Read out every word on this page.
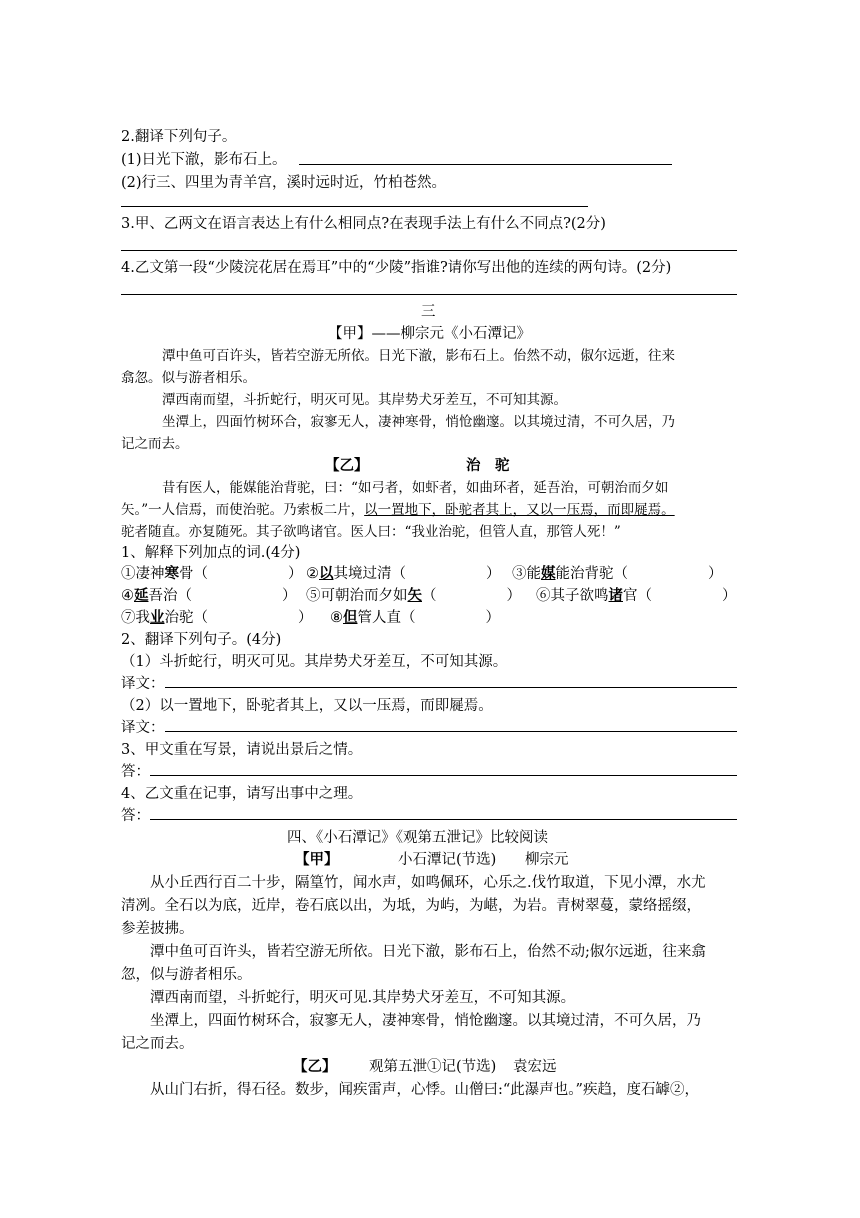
2.翻译下列句子。
(1)日光下澈，影布石上。
(2)行三、四里为青羊宫，溪时远时近，竹柏苍然。
3.甲、乙两文在语言表达上有什么相同点?在表现手法上有什么不同点?(2分)
4.乙文第一段“少陵浣花居在焉耳”中的“少陵”指谁?请你写出他的连续的两句诗。(2分)
三
【甲】——柳宗元《小石潭记》
潭中鱼可百许头，皆若空游无所依。日光下澈，影布石上。佁然不动，俶尔远逝，往来
翕忽。似与游者相乐。
潭西南而望，斗折蛇行，明灭可见。其岸势犬牙差互，不可知其源。
坐潭上，四面竹树环合，寂寥无人，凄神寒骨，悄怆幽邃。以其境过清，不可久居，乃
记之而去。
【乙】	治　驼
昔有医人，能媒能治背驼，曰：“如弓者，如虾者，如曲环者，延吾治，可朝治而夕如
矢。”一人信焉，而使治驼。乃索板二片，以一置地下，卧驼者其上，又以一压焉，而即屣焉。
驼者随直。亦复随死。其子欲鸣诸官。医人曰：“我业治驼，但管人直，那管人死！”
1、解释下列加点的词.(4分)
①凄神寒骨（	） ②以其境过清（	） ③能媒能治背驼（	）
④延吾治（	） ⑤可朝治而夕如矢（	） ⑥其子欲鸣诸官（	）
⑦我业治驼（	） ⑧但管人直（	）
2、翻译下列句子。(4分)
（1）斗折蛇行，明灭可见。其岸势犬牙差互，不可知其源。
译文：
（2）以一置地下，卧驼者其上，又以一压焉，而即屣焉。
译文：
3、甲文重在写景，请说出景后之情。
答：
4、乙文重在记事，请写出事中之理。
答：
四、《小石潭记》《观第五泄记》比较阅读
【甲】	小石潭记(节选) 柳宗元
从小丘西行百二十步，隔篁竹，闻水声，如鸣佩环，心乐之.伐竹取道，下见小潭，水尤
清冽。全石以为底，近岸，卷石底以出，为坻，为屿，为嵁，为岩。青树翠蔓，蒙络摇缀，
参差披拂。
潭中鱼可百许头，皆若空游无所依。日光下澈，影布石上，佁然不动;俶尔远逝，往来翕
忽，似与游者相乐。
潭西南而望，斗折蛇行，明灭可见.其岸势犬牙差互，不可知其源。
坐潭上，四面竹树环合，寂寥无人，凄神寒骨，悄怆幽邃。以其境过清，不可久居，乃
记之而去。
【乙】 观第五泄①记(节选) 袁宏远
从山门右折，得石径。数步，闻疾雷声，心悸。山僧曰:“此瀑声也。”疾趋，度石罅②，
